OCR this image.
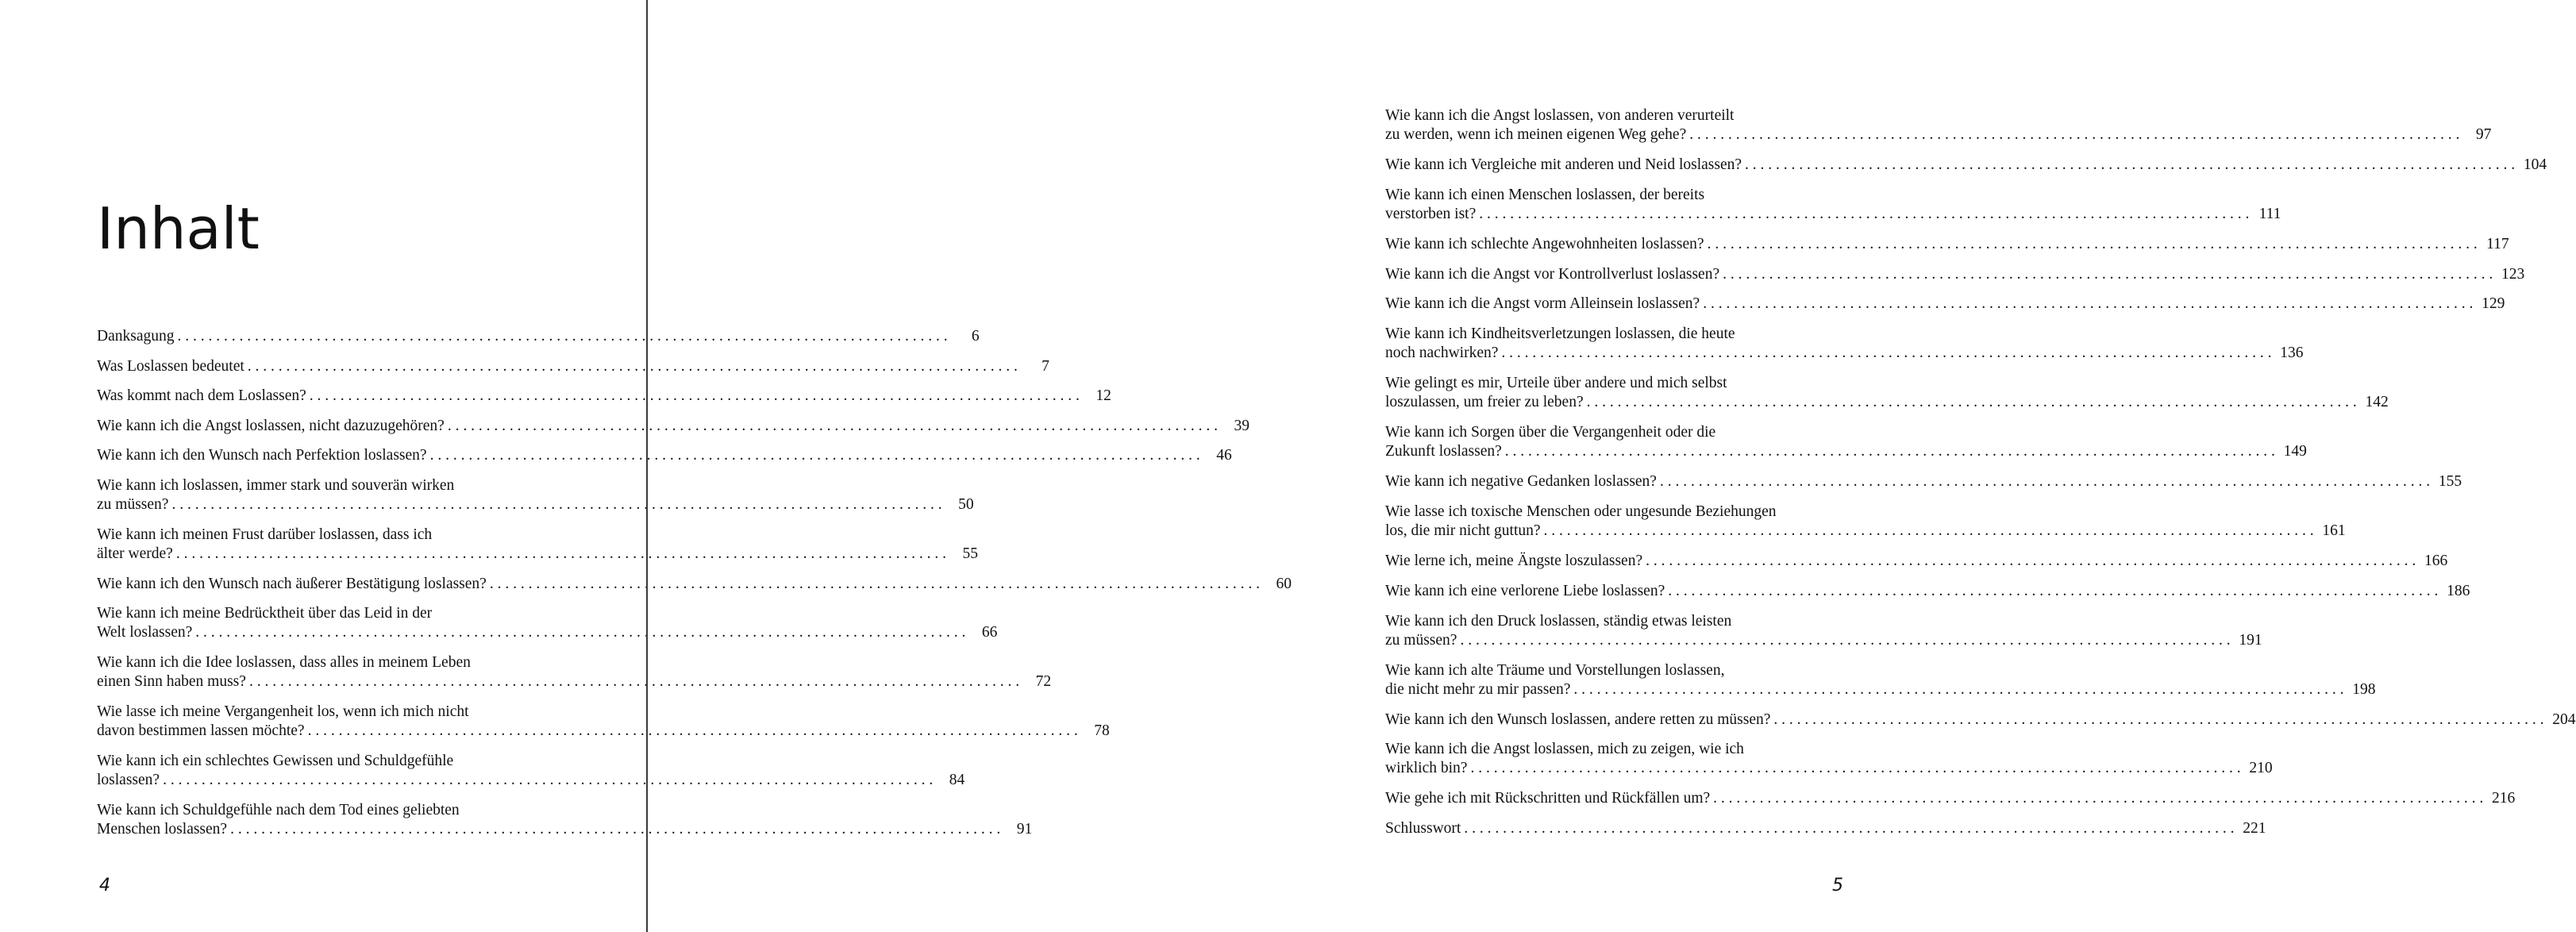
Inhalt
Danksagung . . .	6
Was Loslassen bedeutet . . .	7
Was kommt nach dem Loslassen? . . .	12
Wie kann ich die Angst loslassen, nicht dazuzugehören? . . .	39
Wie kann ich den Wunsch nach Perfektion loslassen? . . .	46
Wie kann ich loslassen, immer stark und souverän wirken
zu müssen? . . .	50
Wie kann ich meinen Frust darüber loslassen, dass ich
älter werde? . . .	55
Wie kann ich den Wunsch nach äußerer Bestätigung loslassen? . . .	60
Wie kann ich meine Bedrücktheit über das Leid in der
Welt loslassen? . . .	66
Wie kann ich die Idee loslassen, dass alles in meinem Leben
einen Sinn haben muss? . . .	72
Wie lasse ich meine Vergangenheit los, wenn ich mich nicht
davon bestimmen lassen möchte? . . .	78
Wie kann ich ein schlechtes Gewissen und Schuldgefühle
loslassen? . . .	84
Wie kann ich Schuldgefühle nach dem Tod eines geliebten
Menschen loslassen? . . .	91
4
Wie kann ich die Angst loslassen, von anderen verurteilt
zu werden, wenn ich meinen eigenen Weg gehe? . . .	97
Wie kann ich Vergleiche mit anderen und Neid loslassen? . . .	104
Wie kann ich einen Menschen loslassen, der bereits
verstorben ist? . . .	111
Wie kann ich schlechte Angewohnheiten loslassen? . . .	117
Wie kann ich die Angst vor Kontrollverlust loslassen? . . .	123
Wie kann ich die Angst vorm Alleinsein loslassen? . . .	129
Wie kann ich Kindheitsverletzungen loslassen, die heute
noch nachwirken? . . .	136
Wie gelingt es mir, Urteile über andere und mich selbst
loszulassen, um freier zu leben? . . .	142
Wie kann ich Sorgen über die Vergangenheit oder die
Zukunft loslassen? . . .	149
Wie kann ich negative Gedanken loslassen? . . .	155
Wie lasse ich toxische Menschen oder ungesunde Beziehungen
los, die mir nicht guttun? . . .	161
Wie lerne ich, meine Ängste loszulassen? . . .	166
Wie kann ich eine verlorene Liebe loslassen? . . .	186
Wie kann ich den Druck loslassen, ständig etwas leisten
zu müssen? . . .	191
Wie kann ich alte Träume und Vorstellungen loslassen,
die nicht mehr zu mir passen? . . .	198
Wie kann ich den Wunsch loslassen, andere retten zu müssen? . . .	204
Wie kann ich die Angst loslassen, mich zu zeigen, wie ich
wirklich bin? . . .	210
Wie gehe ich mit Rückschritten und Rückfällen um? . . .	216
Schlusswort . . .	221
5
